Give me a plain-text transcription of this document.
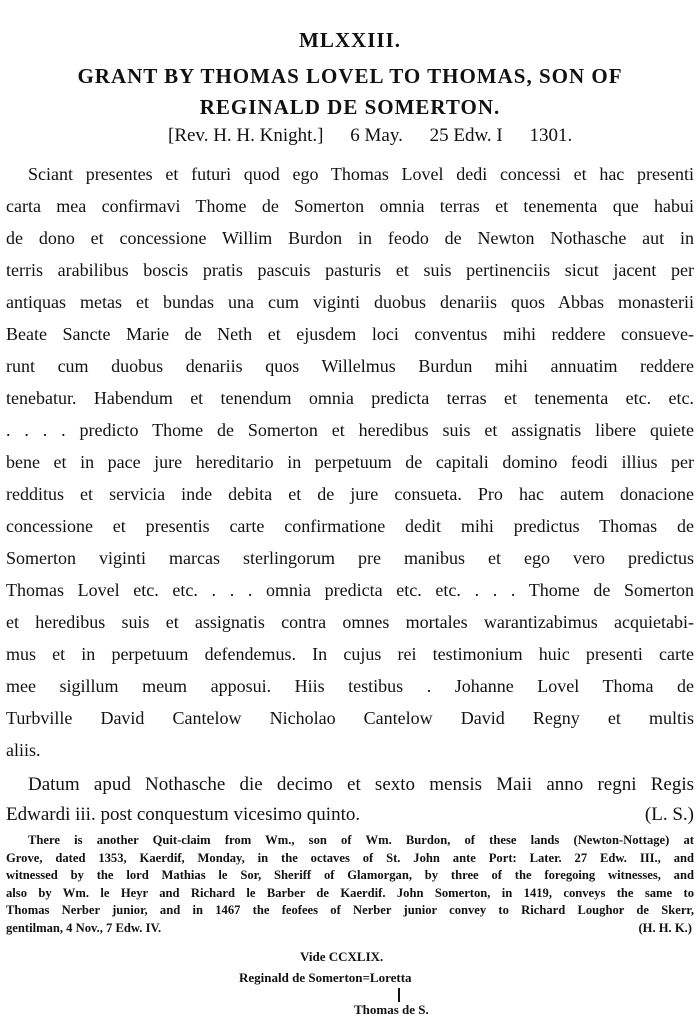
MLXXIII.
GRANT BY THOMAS LOVEL TO THOMAS, SON OF
REGINALD DE SOMERTON.
[Rev. H. H. Knight.] 6 May. 25 Edw. I 1301.
Sciant presentes et futuri quod ego Thomas Lovel dedi concessi et hac presenti
carta mea confirmavi Thome de Somerton omnia terras et tenementa que habui
de dono et concessione Willim Burdon in feodo de Newton Nothasche aut in
terris arabilibus boscis pratis pascuis pasturis et suis pertinenciis sicut jacent per
antiquas metas et bundas una cum viginti duobus denariis quos Abbas monasterii
Beate Sancte Marie de Neth et ejusdem loci conventus mihi reddere consueve-
runt cum duobus denariis quos Willelmus Burdun mihi annuatim reddere
tenebatur. Habendum et tenendum omnia predicta terras et tenementa etc. etc.
. . . . predicto Thome de Somerton et heredibus suis et assignatis libere quiete
bene et in pace jure hereditario in perpetuum de capitali domino feodi illius per
redditus et servicia inde debita et de jure consueta. Pro hac autem donacione
concessione et presentis carte confirmatione dedit mihi predictus Thomas de
Somerton viginti marcas sterlingorum pre manibus et ego vero predictus
Thomas Lovel etc. etc. . . . omnia predicta etc. etc. . . . Thome de Somerton
et heredibus suis et assignatis contra omnes mortales warantizabimus acquietabi-
mus et in perpetuum defendemus. In cujus rei testimonium huic presenti carte
mee sigillum meum apposui. Hiis testibus . Johanne Lovel Thoma de
Turbville David Cantelow Nicholao Cantelow David Regny et multis
aliis.
Datum apud Nothasche die decimo et sexto mensis Maii anno regni Regis
Edwardi iii. post conquestum vicesimo quinto.	(L. S.)
There is another Quit-claim from Wm., son of Wm. Burdon, of these lands (Newton-Nottage) at
Grove, dated 1353, Kaerdif, Monday, in the octaves of St. John ante Port: Later. 27 Edw. III., and
witnessed by the lord Mathias le Sor, Sheriff of Glamorgan, by three of the foregoing witnesses, and
also by Wm. le Heyr and Richard le Barber de Kaerdif. John Somerton, in 1419, conveys the same to
Thomas Nerber junior, and in 1467 the feofees of Nerber junior convey to Richard Loughor de Skerr,
gentilman, 4 Nov., 7 Edw. IV.	(H. H. K.)
Vide CCXLIX.
Reginald de Somerton=Loretta
Thomas de S.
